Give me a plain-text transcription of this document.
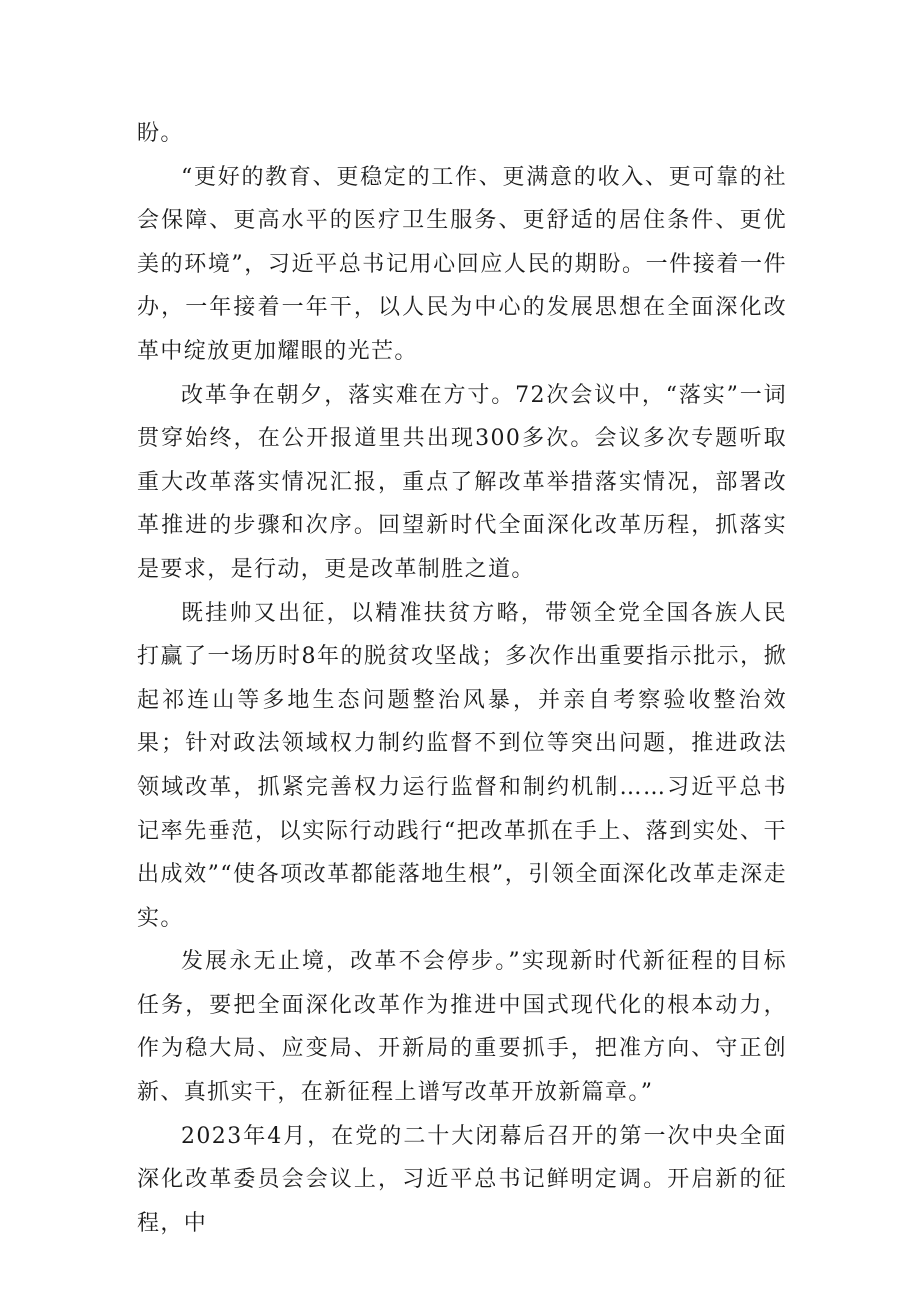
盼。

“更好的教育、更稳定的工作、更满意的收入、更可靠的社会保障、更高水平的医疗卫生服务、更舒适的居住条件、更优美的环境”，习近平总书记用心回应人民的期盼。一件接着一件办，一年接着一年干，以人民为中心的发展思想在全面深化改革中绽放更加耀眼的光芒。

改革争在朝夕，落实难在方寸。72次会议中，“落实”一词贯穿始终，在公开报道里共出现300多次。会议多次专题听取重大改革落实情况汇报，重点了解改革举措落实情况，部署改革推进的步骤和次序。回望新时代全面深化改革历程，抓落实是要求，是行动，更是改革制胜之道。

既挂帅又出征，以精准扶贫方略，带领全党全国各族人民打赢了一场历时8年的脱贫攻坚战；多次作出重要指示批示，掀起祁连山等多地生态问题整治风暴，并亲自考察验收整治效果；针对政法领域权力制约监督不到位等突出问题，推进政法领域改革，抓紧完善权力运行监督和制约机制……习近平总书记率先垂范，以实际行动践行“把改革抓在手上、落到实处、干出成效”“使各项改革都能落地生根”，引领全面深化改革走深走实。

发展永无止境，改革不会停步。”实现新时代新征程的目标任务，要把全面深化改革作为推进中国式现代化的根本动力，作为稳大局、应变局、开新局的重要抓手，把准方向、守正创新、真抓实干，在新征程上谱写改革开放新篇章。”

2023年4月，在党的二十大闭幕后召开的第一次中央全面深化改革委员会会议上，习近平总书记鲜明定调。开启新的征程，中
